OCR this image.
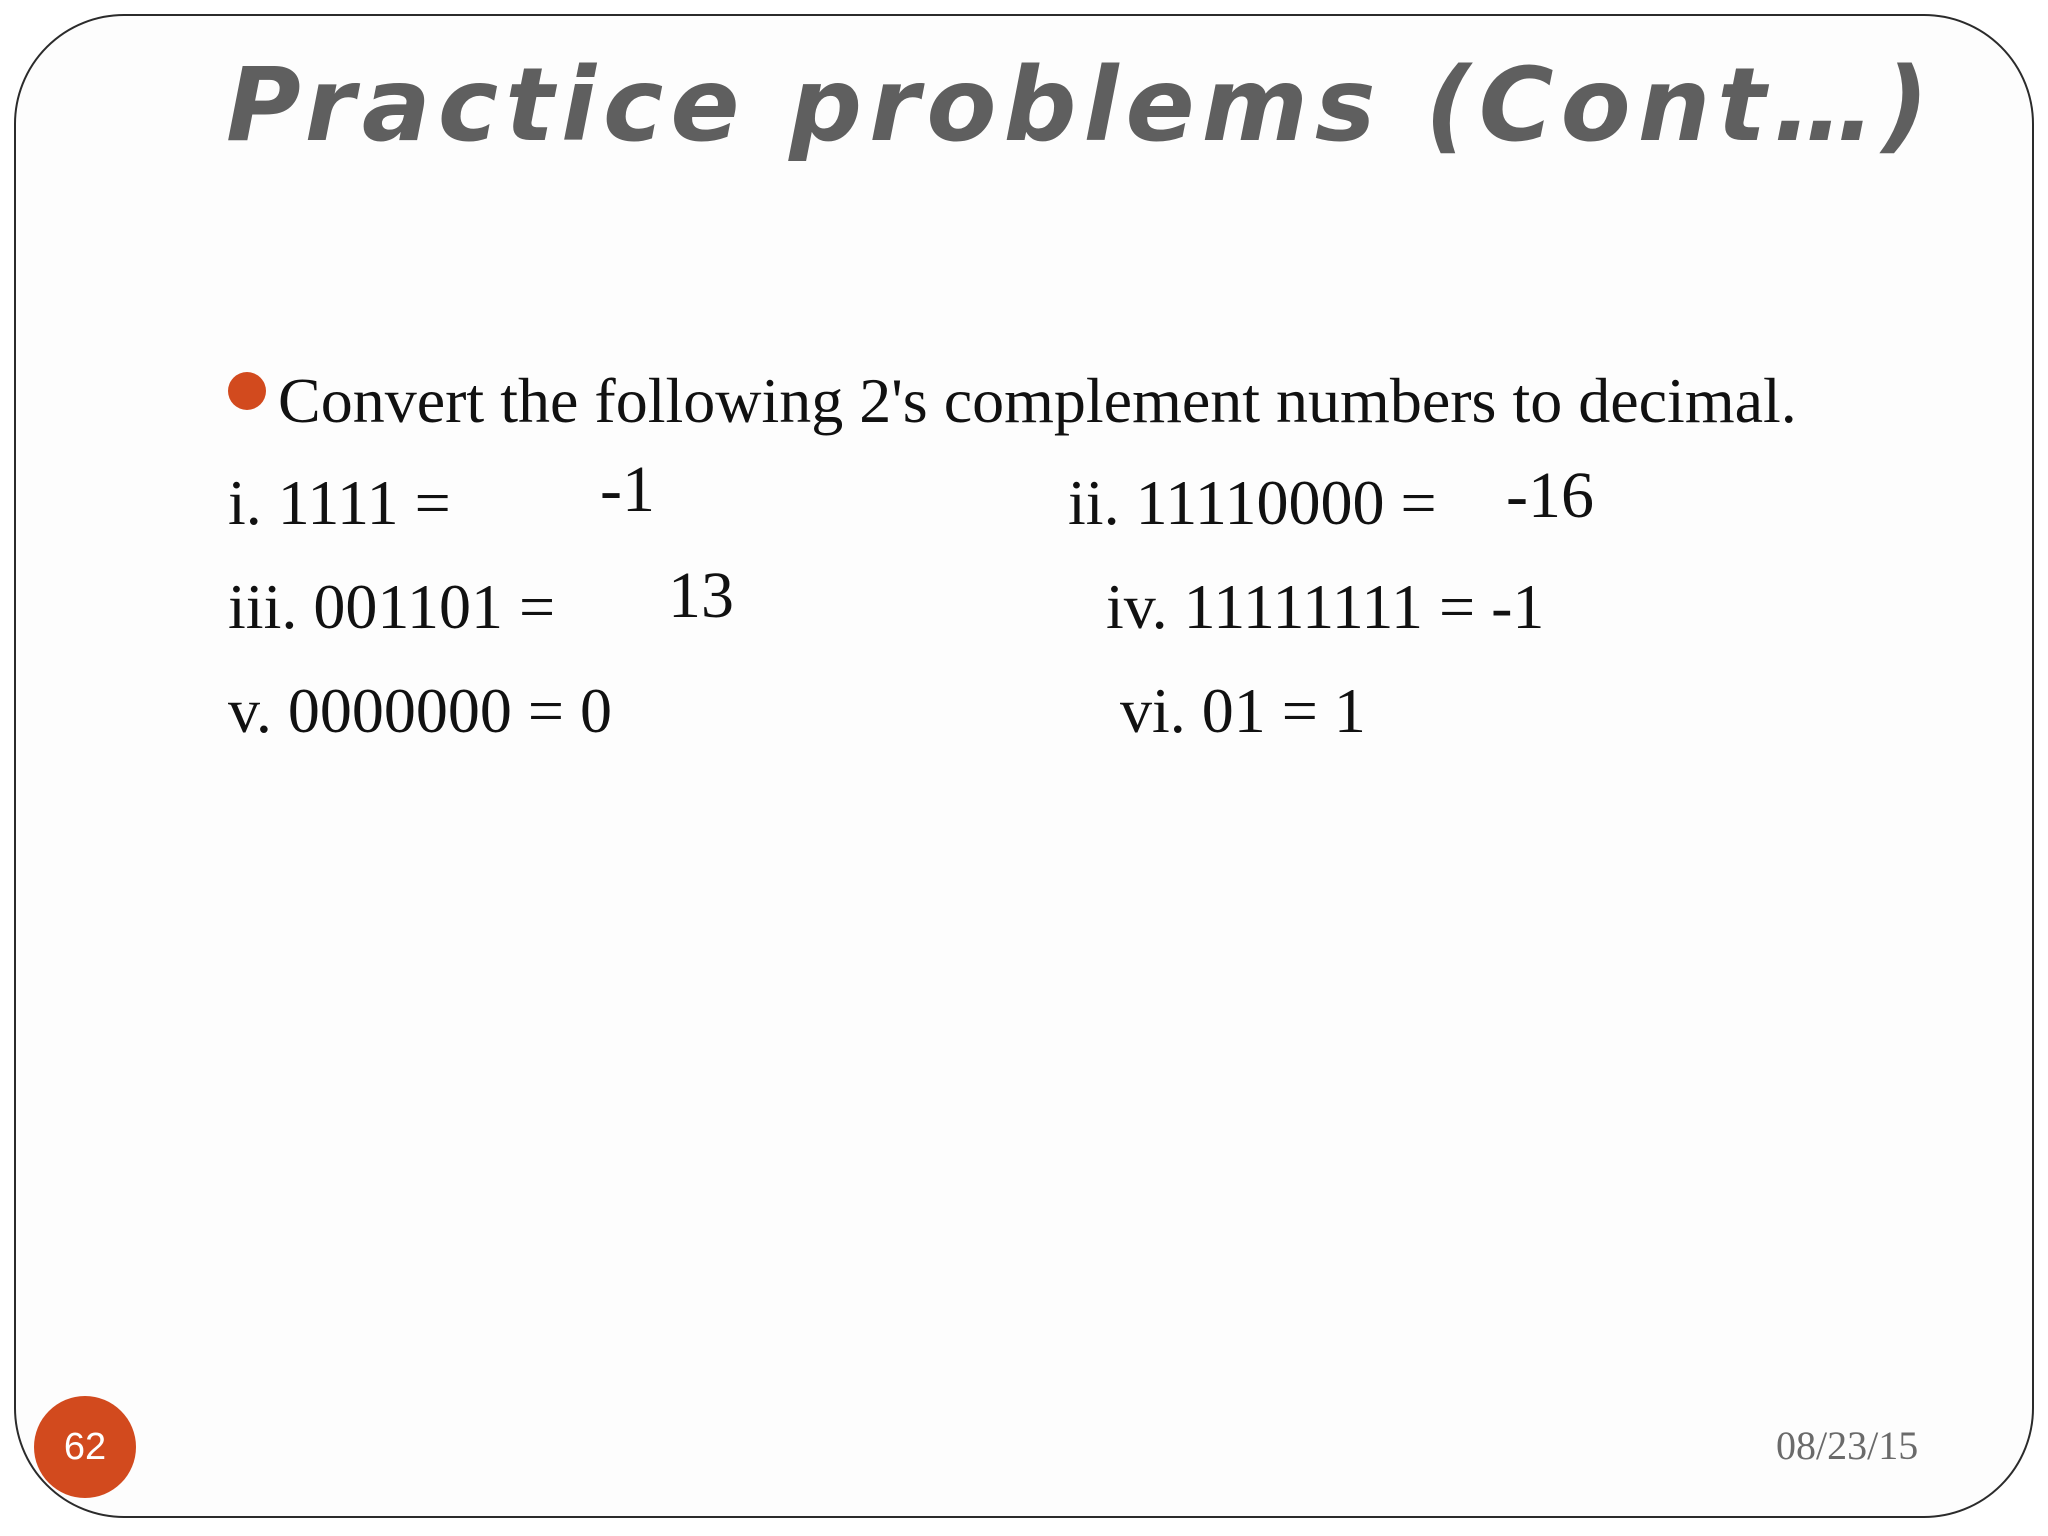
Practice problems (Cont…)
Convert the following 2's complement numbers to decimal.
i. 1111 = -1	ii. 11110000 = -16
iii. 001101 = 13	iv. 11111111 = -1
v. 0000000 = 0	vi. 01 = 1
62	08/23/15
